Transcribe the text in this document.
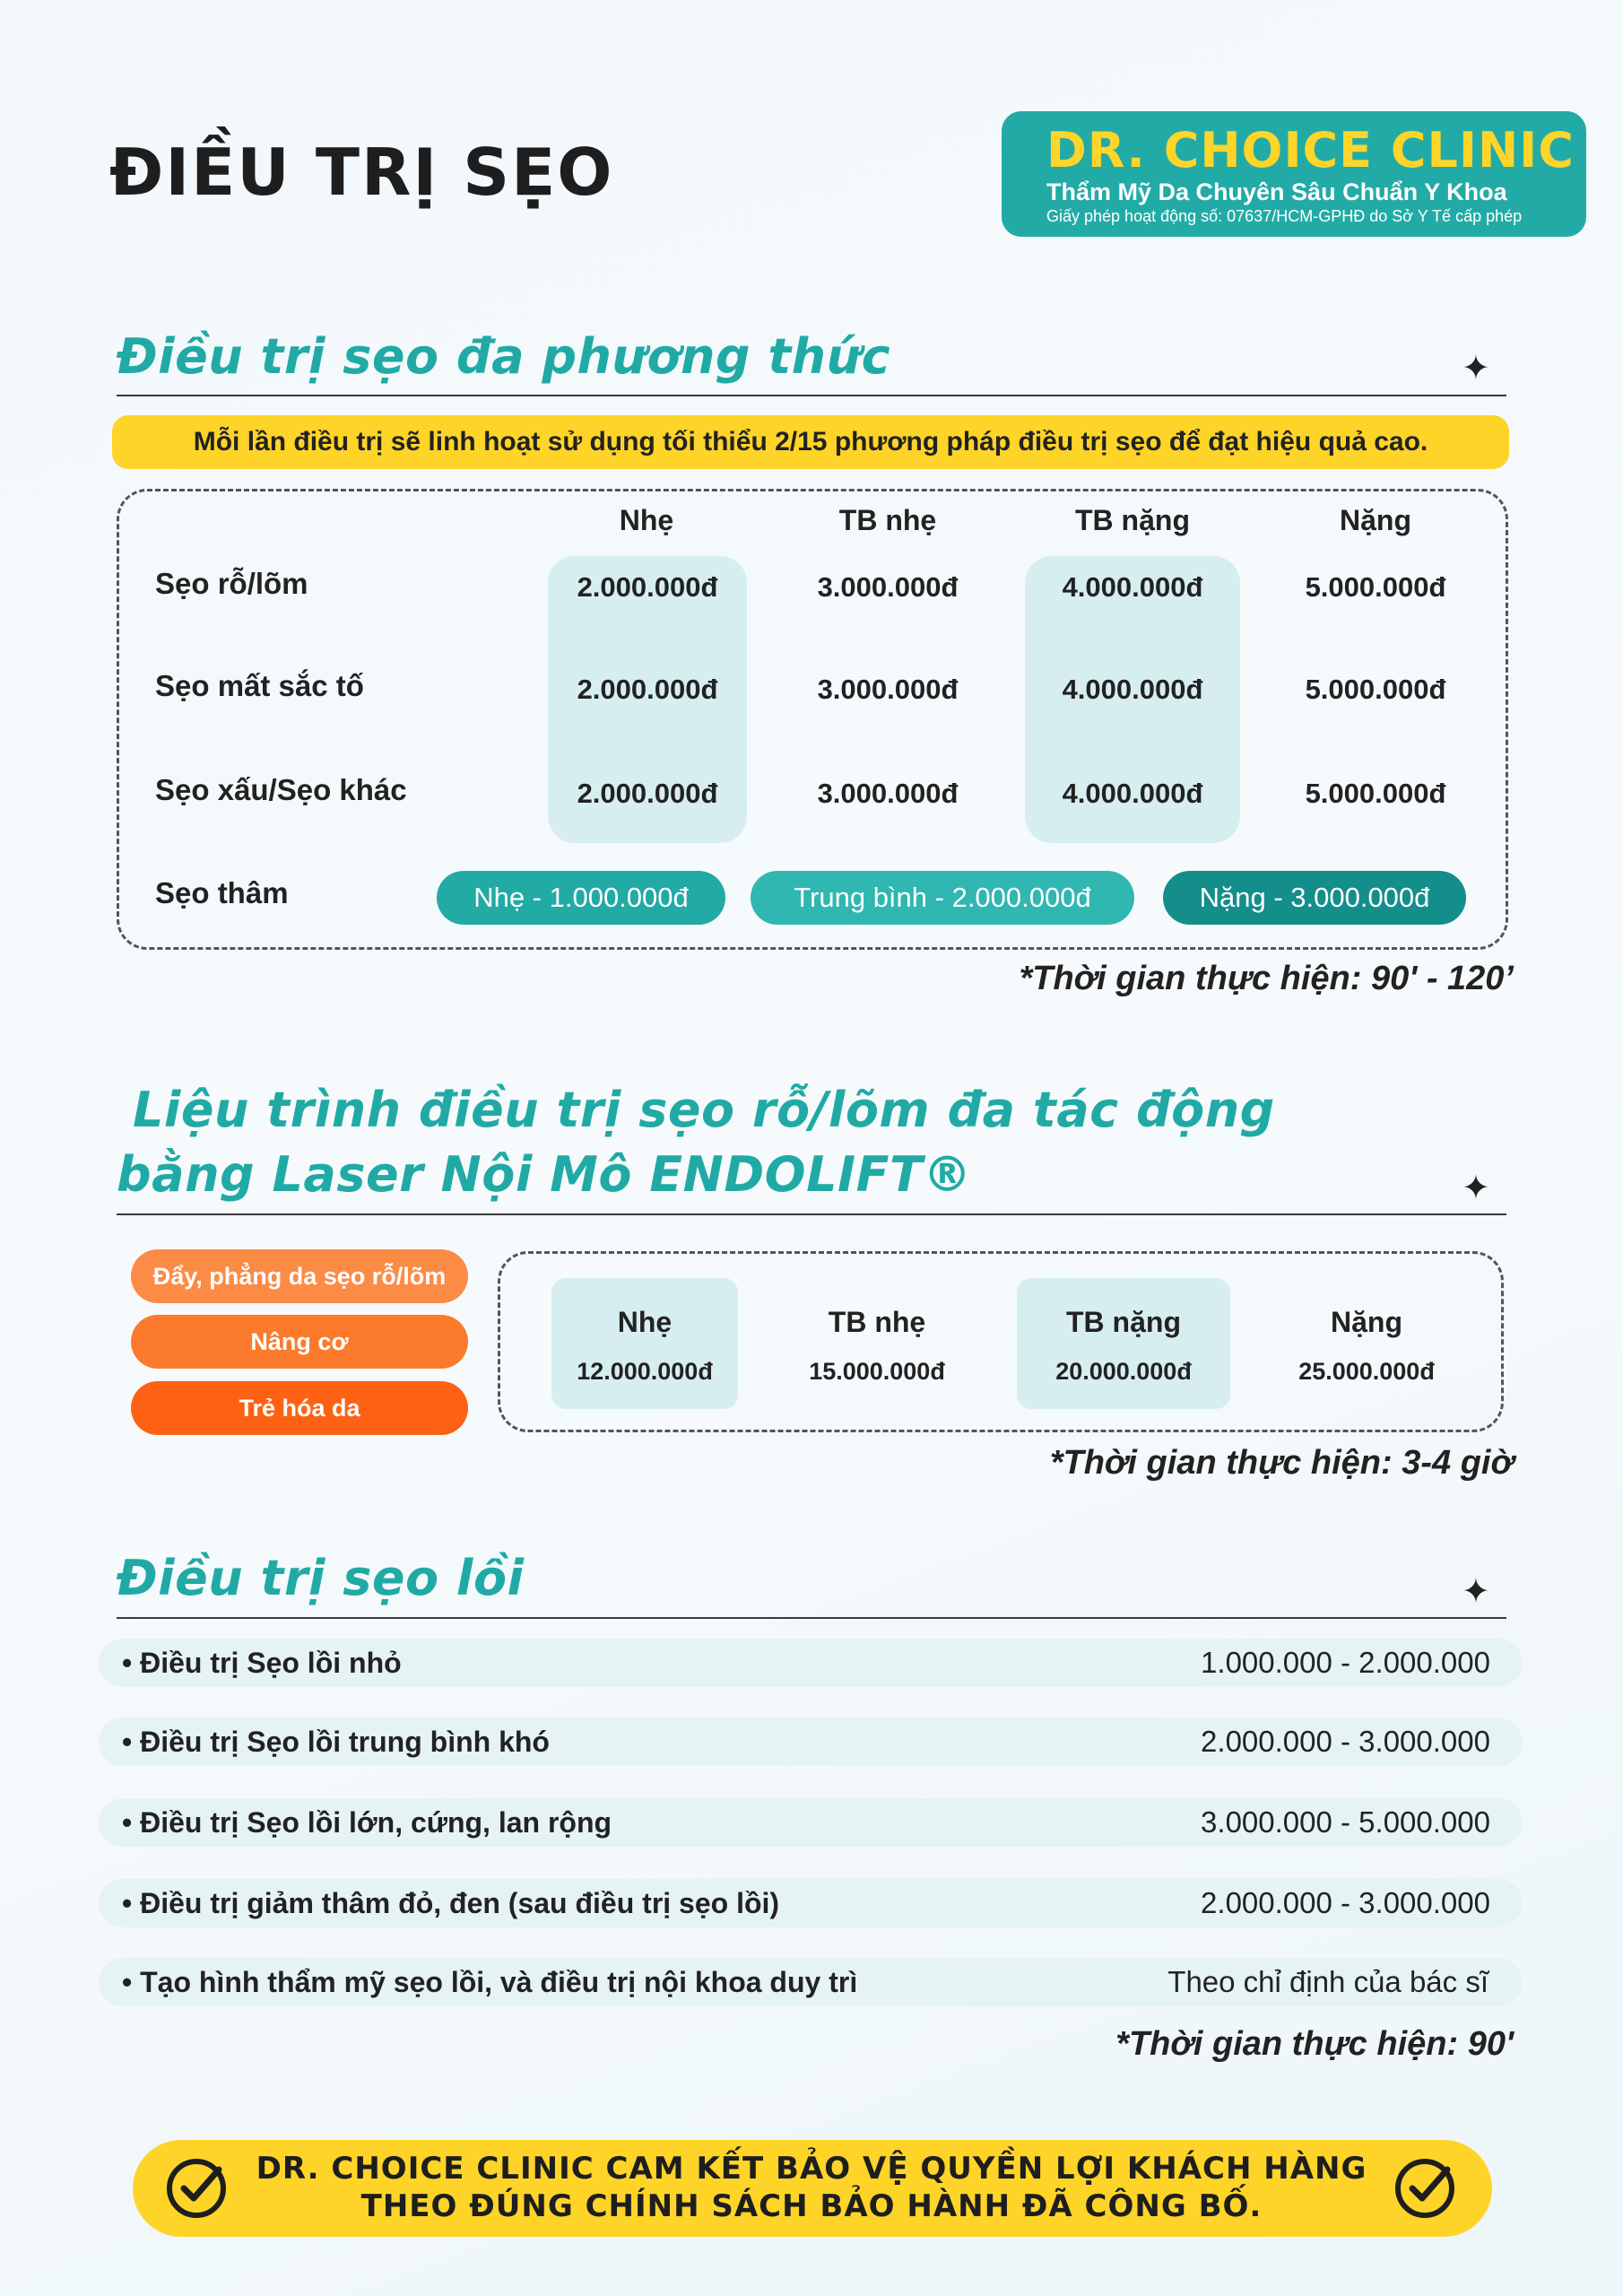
ĐIỀU TRỊ SẸO	DR. CHOICE CLINIC
Thẩm Mỹ Da Chuyên Sâu Chuẩn Y Khoa
Giấy phép hoạt động số: 07637/HCM-GPHĐ do Sở Y Tế cấp phép
Điều trị sẹo đa phương thức	✦
Mỗi lần điều trị sẽ linh hoạt sử dụng tối thiểu 2/15 phương pháp điều trị sẹo để đạt hiệu quả cao.
Nhẹ	TB nhẹ	TB nặng	Nặng
Sẹo rỗ/lõm	2.000.000đ	3.000.000đ	4.000.000đ	5.000.000đ
Sẹo mất sắc tố	2.000.000đ	3.000.000đ	4.000.000đ	5.000.000đ
Sẹo xấu/Sẹo khác	2.000.000đ	3.000.000đ	4.000.000đ	5.000.000đ
Sẹo thâm	Nhẹ - 1.000.000đ	Trung bình - 2.000.000đ	Nặng - 3.000.000đ
*Thời gian thực hiện: 90' - 120’
Liệu trình điều trị sẹo rỗ/lõm đa tác động
bằng Laser Nội Mô ENDOLIFT®	✦
Đẩy, phẳng da sẹo rỗ/lõm
Nâng cơ
Trẻ hóa da
Nhẹ	TB nhẹ	TB nặng	Nặng
12.000.000đ	15.000.000đ	20.000.000đ	25.000.000đ
*Thời gian thực hiện: 3-4 giờ
Điều trị sẹo lồi	✦
• Điều trị Sẹo lồi nhỏ	1.000.000 - 2.000.000
• Điều trị Sẹo lồi trung bình khó	2.000.000 - 3.000.000
• Điều trị Sẹo lồi lớn, cứng, lan rộng	3.000.000 - 5.000.000
• Điều trị giảm thâm đỏ, đen (sau điều trị sẹo lồi)	2.000.000 - 3.000.000
• Tạo hình thẩm mỹ sẹo lồi, và điều trị nội khoa duy trì	Theo chỉ định của bác sĩ
*Thời gian thực hiện: 90'
DR. CHOICE CLINIC CAM KẾT BẢO VỆ QUYỀN LỢI KHÁCH HÀNG
THEO ĐÚNG CHÍNH SÁCH BẢO HÀNH ĐÃ CÔNG BỐ.
